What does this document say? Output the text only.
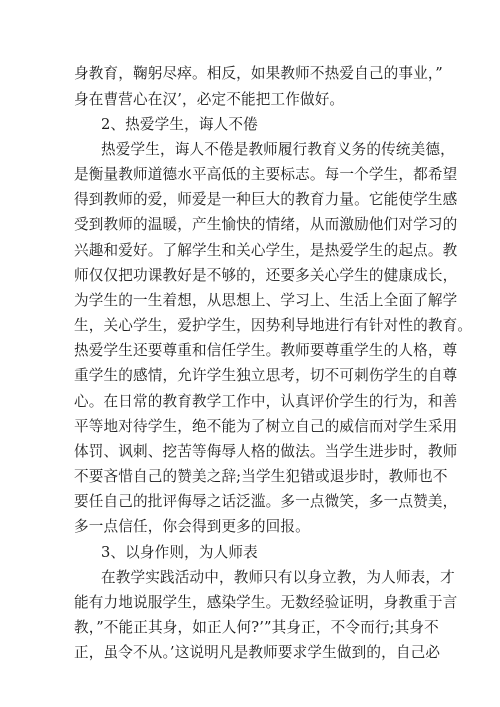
身教育，鞠躬尽瘁。相反，如果教师不热爱自己的事业，”
身在曹营心在汉’，必定不能把工作做好。
2、热爱学生，诲人不倦
热爱学生，诲人不倦是教师履行教育义务的传统美德，
是衡量教师道德水平高低的主要标志。每一个学生，都希望
得到教师的爱，师爱是一种巨大的教育力量。它能使学生感
受到教师的温暖，产生愉快的情绪，从而激励他们对学习的
兴趣和爱好。了解学生和关心学生，是热爱学生的起点。教
师仅仅把功课教好是不够的，还要多关心学生的健康成长，
为学生的一生着想，从思想上、学习上、生活上全面了解学
生，关心学生，爱护学生，因势利导地进行有针对性的教育。
热爱学生还要尊重和信任学生。教师要尊重学生的人格，尊
重学生的感情，允许学生独立思考，切不可刺伤学生的自尊
心。在日常的教育教学工作中，认真评价学生的行为，和善
平等地对待学生，绝不能为了树立自己的威信而对学生采用
体罚、讽刺、挖苦等侮辱人格的做法。当学生进步时，教师
不要吝惜自己的赞美之辞;当学生犯错或退步时，教师也不
要任自己的批评侮辱之话泛滥。多一点微笑，多一点赞美，
多一点信任，你会得到更多的回报。
3、以身作则，为人师表
在教学实践活动中，教师只有以身立教，为人师表，才
能有力地说服学生，感染学生。无数经验证明，身教重于言
教，”不能正其身，如正人何?’”其身正，不令而行;其身不
正，虽令不从。’这说明凡是教师要求学生做到的，自己必
